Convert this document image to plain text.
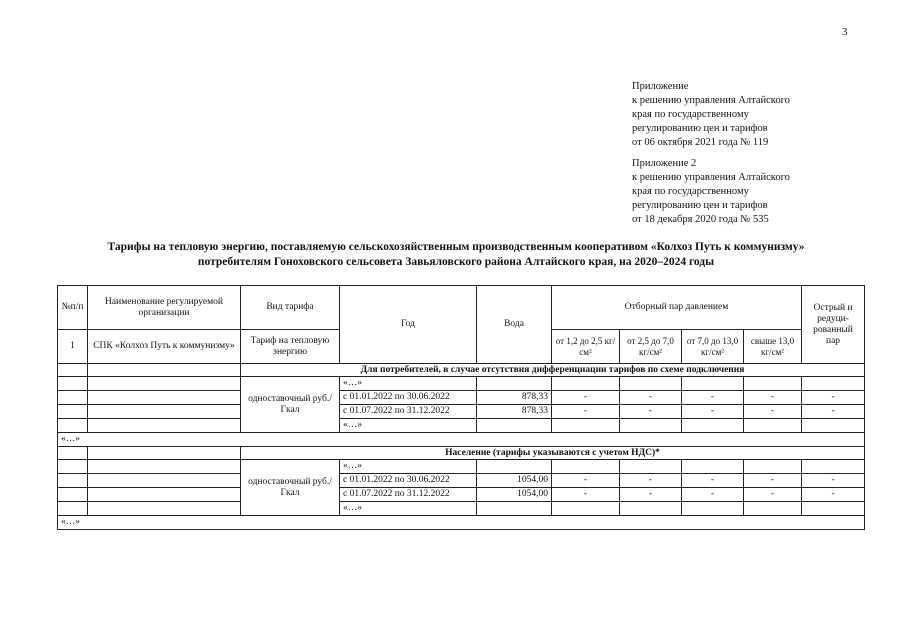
3
Приложение
к решению управления Алтайского
края по государственному
регулированию цен и тарифов
от 06 октября 2021 года № 119
Приложение 2
к решению управления Алтайского
края по государственному
регулированию цен и тарифов
от 18 декабря 2020 года № 535
Тарифы на тепловую энергию, поставляемую сельскохозяйственным производственным кооперативом «Колхоз Путь к коммунизму»
потребителям Гоноховского сельсовета Завьяловского района Алтайского края, на 2020–2024 годы
№п/п	Наименование регулируемой организации	Вид тарифа	Год	Вода	Отборный пар давлением				Острый и редуци-рованный пар
1	СПК «Колхоз Путь к коммунизму»	Тариф на тепловую энергию			от 1,2 до 2,5 кг/см²	от 2,5 до 7,0 кг/см²	от 7,0 до 13,0 кг/см²	свыше 13,0 кг/см²	
		Для потребителей, в случае отсутствия дифференциации тарифов по схеме подключения							
		одноставочный руб./Гкал	«…»						
			с 01.01.2022 по 30.06.2022	878,33	-	-	-	-	-
			с 01.07.2022 по 31.12.2022	878,33	-	-	-	-	-
			«…»						
«…»									
		Население (тарифы указываются с учетом НДС)*							
		одноставочный руб./Гкал	«…»						
			с 01.01.2022 по 30.06.2022	1054,00	-	-	-	-	-
			с 01.07.2022 по 31.12.2022	1054,00	-	-	-	-	-
			«…»						
«…»									
